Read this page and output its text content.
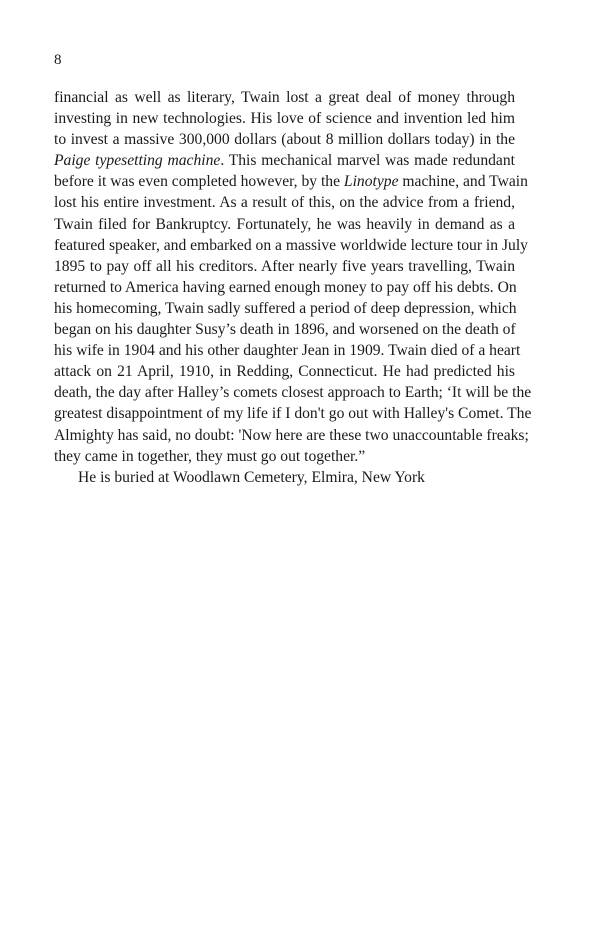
8

financial as well as literary, Twain lost a great deal of money through
investing in new technologies. His love of science and invention led him
to invest a massive 300,000 dollars (about 8 million dollars today) in the
Paige typesetting machine. This mechanical marvel was made redundant
before it was even completed however, by the Linotype machine, and Twain
lost his entire investment. As a result of this, on the advice from a friend,
Twain filed for Bankruptcy. Fortunately, he was heavily in demand as a
featured speaker, and embarked on a massive worldwide lecture tour in July
1895 to pay off all his creditors. After nearly five years travelling, Twain
returned to America having earned enough money to pay off his debts. On
his homecoming, Twain sadly suffered a period of deep depression, which
began on his daughter Susy’s death in 1896, and worsened on the death of
his wife in 1904 and his other daughter Jean in 1909. Twain died of a heart
attack on 21 April, 1910, in Redding, Connecticut. He had predicted his
death, the day after Halley’s comets closest approach to Earth; ‘It will be the
greatest disappointment of my life if I don't go out with Halley's Comet. The
Almighty has said, no doubt: 'Now here are these two unaccountable freaks;
they came in together, they must go out together.”

He is buried at Woodlawn Cemetery, Elmira, New York
